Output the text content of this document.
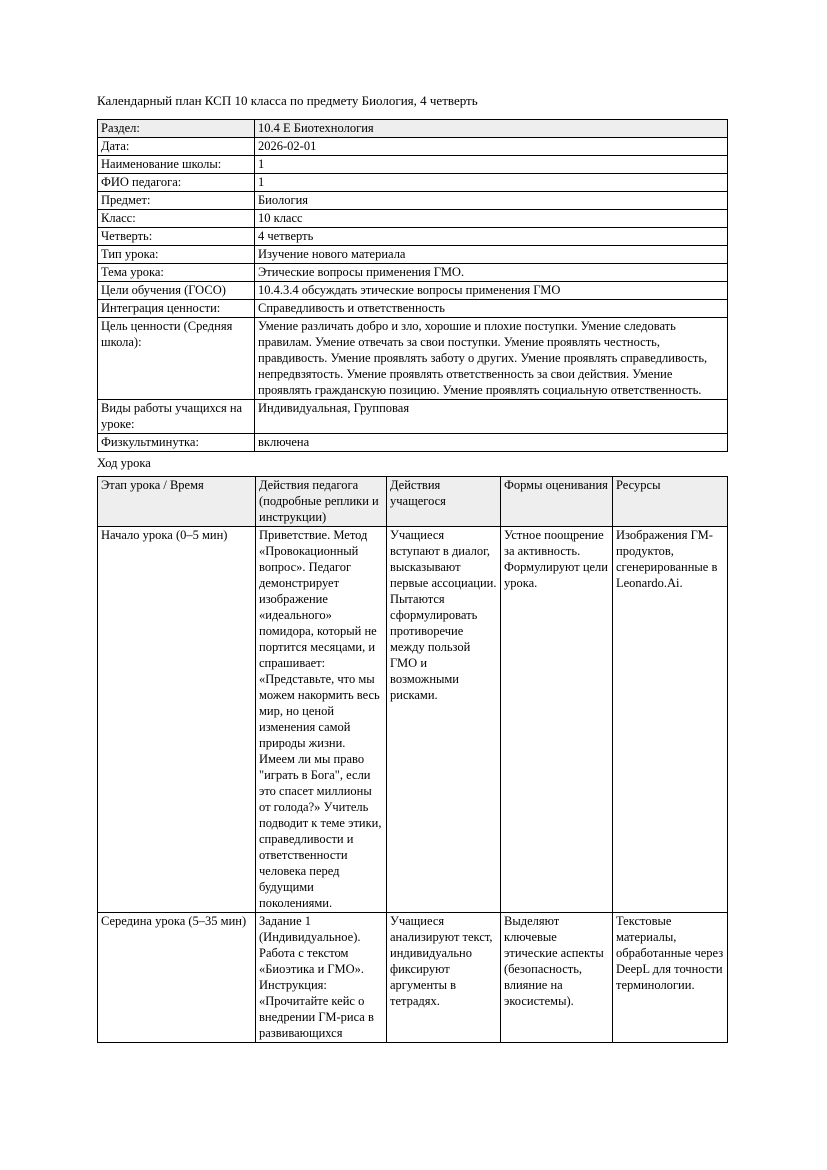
Календарный план КСП 10 класса по предмету Биология, 4 четверть

Раздел:	10.4 Е Биотехнология
Дата:	2026-02-01
Наименование школы:	1
ФИО педагога:	1
Предмет:	Биология
Класс:	10 класс
Четверть:	4 четверть
Тип урока:	Изучение нового материала
Тема урока:	Этические вопросы применения ГМО.
Цели обучения (ГОСО)	10.4.3.4 обсуждать этические вопросы применения ГМО
Интеграция ценности:	Справедливость и ответственность
Цель ценности (Средняя школа):	Умение различать добро и зло, хорошие и плохие поступки. Умение следовать правилам. Умение отвечать за свои поступки. Умение проявлять честность, правдивость. Умение проявлять заботу о других. Умение проявлять справедливость, непредвзятость. Умение проявлять ответственность за свои действия. Умение проявлять гражданскую позицию. Умение проявлять социальную ответственность.
Виды работы учащихся на уроке:	Индивидуальная, Групповая
Физкультминутка:	включена

Ход урока

Этап урока / Время	Действия педагога (подробные реплики и инструкции)	Действия учащегося	Формы оценивания	Ресурсы
Начало урока (0–5 мин)	Приветствие. Метод «Провокационный вопрос». Педагог демонстрирует изображение «идеального» помидора, который не портится месяцами, и спрашивает: «Представьте, что мы можем накормить весь мир, но ценой изменения самой природы жизни. Имеем ли мы право "играть в Бога", если это спасет миллионы от голода?» Учитель подводит к теме этики, справедливости и ответственности человека перед будущими поколениями.	Учащиеся вступают в диалог, высказывают первые ассоциации. Пытаются сформулировать противоречие между пользой ГМО и возможными рисками.	Устное поощрение за активность. Формулируют цели урока.	Изображения ГМ-продуктов, сгенерированные в Leonardo.Ai.
Середина урока (5–35 мин)	Задание 1 (Индивидуальное). Работа с текстом «Биоэтика и ГМО». Инструкция: «Прочитайте кейс о внедрении ГМ-риса в развивающихся	Учащиеся анализируют текст, индивидуально фиксируют аргументы в тетрадях.	Выделяют ключевые этические аспекты (безопасность, влияние на экосистемы).	Текстовые материалы, обработанные через DeepL для точности терминологии.
